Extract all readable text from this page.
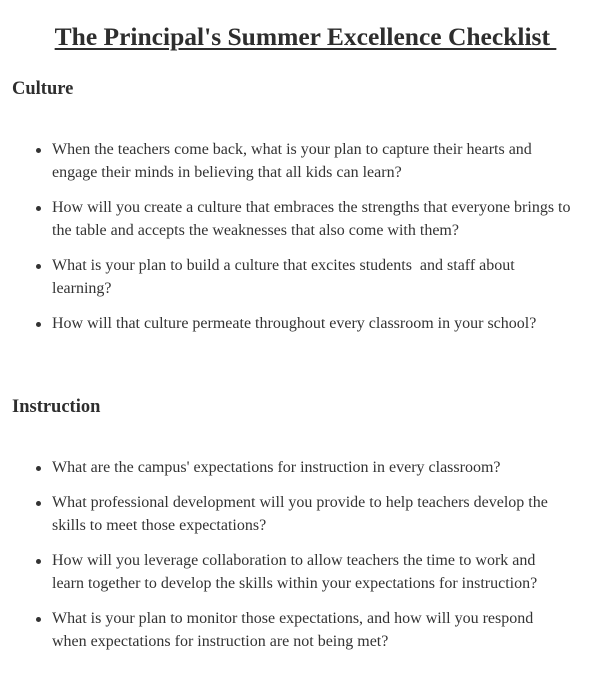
The Principal's Summer Excellence Checklist
Culture
When the teachers come back, what is your plan to capture their hearts and engage their minds in believing that all kids can learn?
How will you create a culture that embraces the strengths that everyone brings to the table and accepts the weaknesses that also come with them?
What is your plan to build a culture that excites students  and staff about learning?
How will that culture permeate throughout every classroom in your school?
Instruction
What are the campus' expectations for instruction in every classroom?
What professional development will you provide to help teachers develop the skills to meet those expectations?
How will you leverage collaboration to allow teachers the time to work and learn together to develop the skills within your expectations for instruction?
What is your plan to monitor those expectations, and how will you respond when expectations for instruction are not being met?
